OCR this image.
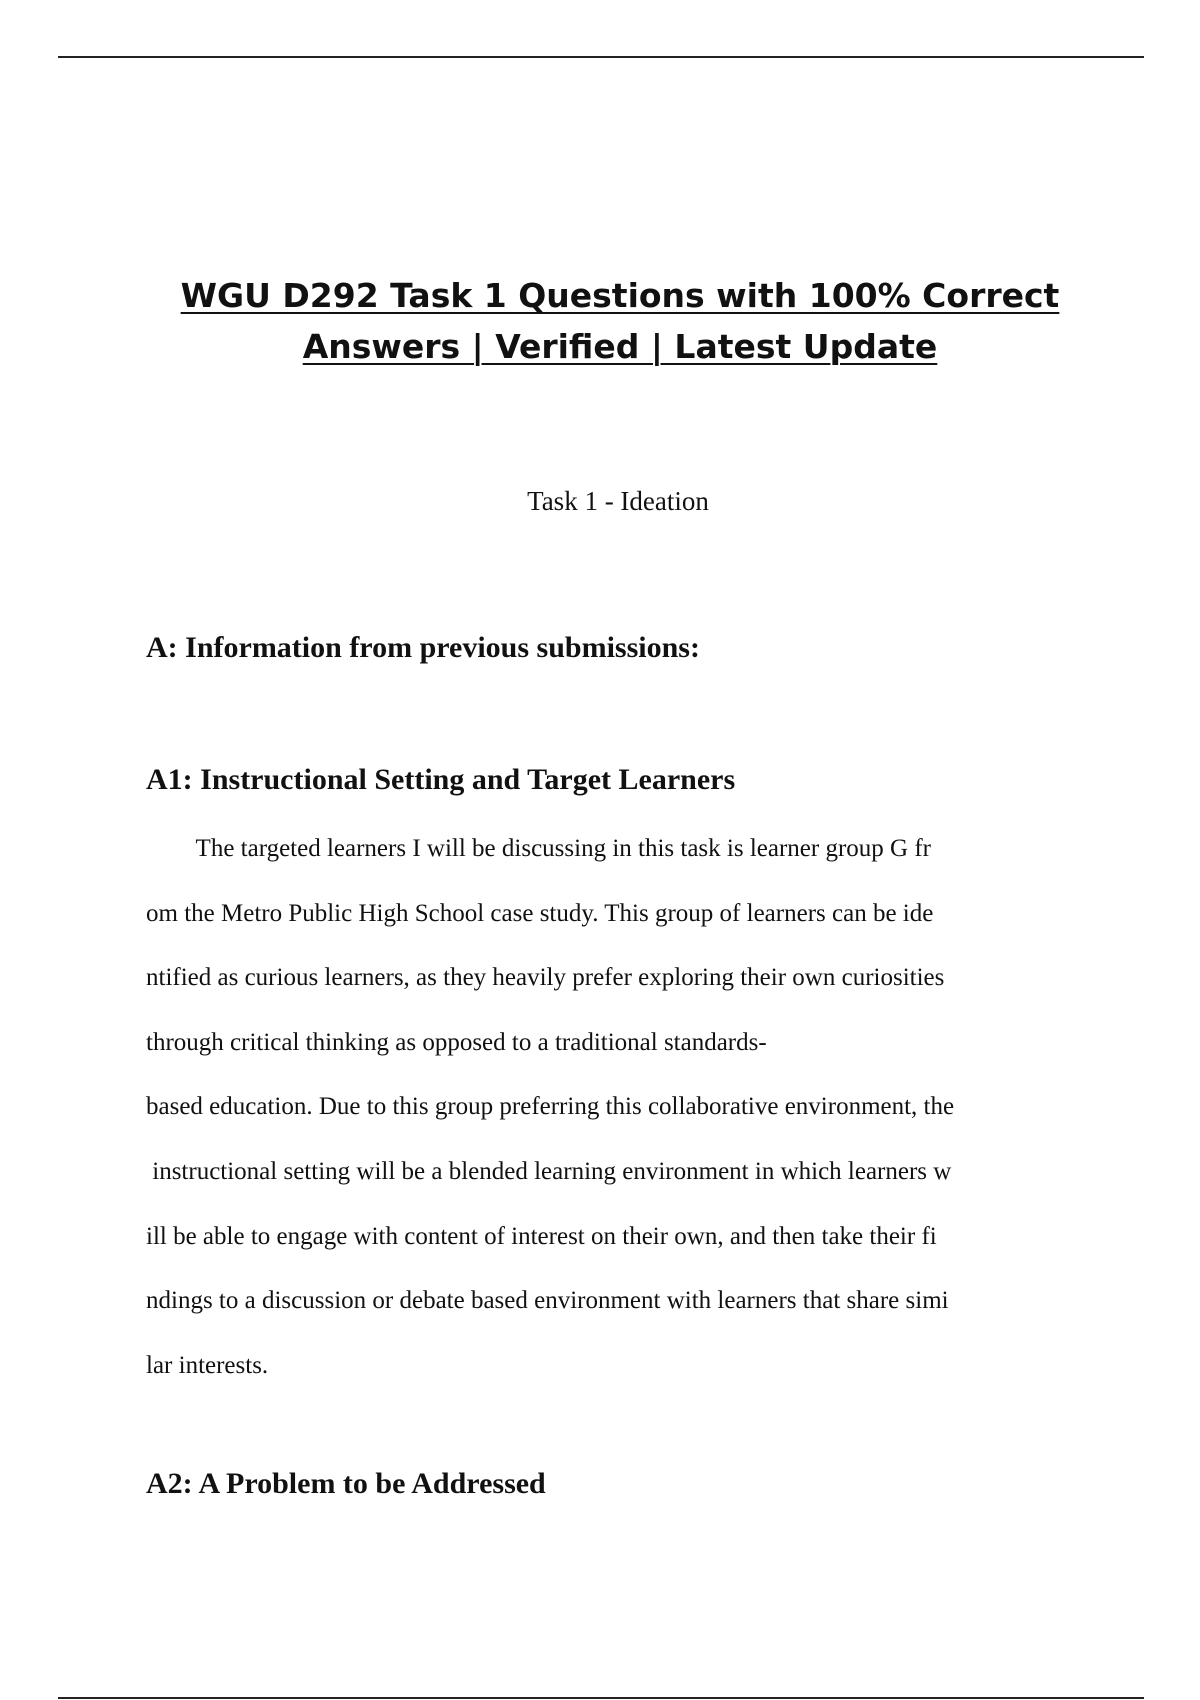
WGU D292 Task 1 Questions with 100% Correct
Answers | Verified | Latest Update

Task 1 - Ideation

A: Information from previous submissions:
A1: Instructional Setting and Target Learners
The targeted learners I will be discussing in this task is learner group G fr
om the Metro Public High School case study. This group of learners can be ide
ntified as curious learners, as they heavily prefer exploring their own curiosities
through critical thinking as opposed to a traditional standards-
based education. Due to this group preferring this collaborative environment, the
instructional setting will be a blended learning environment in which learners w
ill be able to engage with content of interest on their own, and then take their fi
ndings to a discussion or debate based environment with learners that share simi
lar interests.
A2: A Problem to be Addressed
